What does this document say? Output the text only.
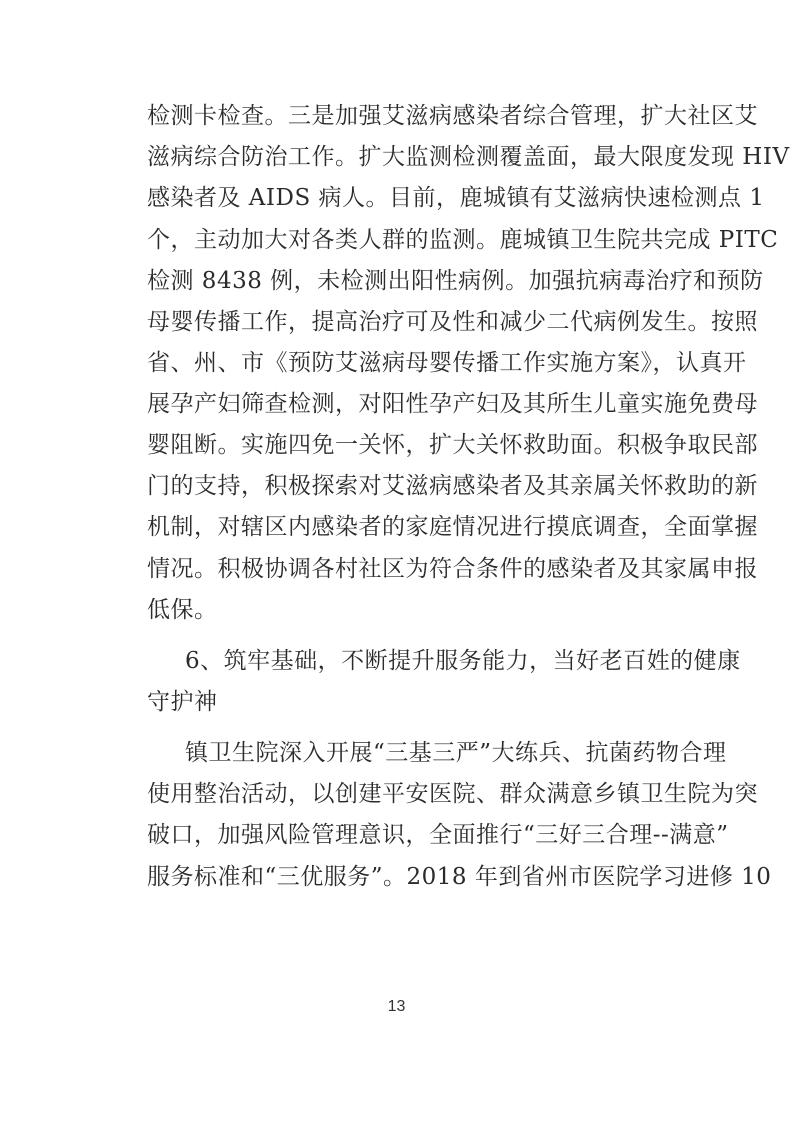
检测卡检查。三是加强艾滋病感染者综合管理，扩大社区艾
滋病综合防治工作。扩大监测检测覆盖面，最大限度发现 HIV
感染者及 AIDS 病人。目前，鹿城镇有艾滋病快速检测点 1
个，主动加大对各类人群的监测。鹿城镇卫生院共完成 PITC
检测 8438 例，未检测出阳性病例。加强抗病毒治疗和预防
母婴传播工作，提高治疗可及性和减少二代病例发生。按照
省、州、市《预防艾滋病母婴传播工作实施方案》，认真开
展孕产妇筛查检测，对阳性孕产妇及其所生儿童实施免费母
婴阻断。实施四免一关怀，扩大关怀救助面。积极争取民部
门的支持，积极探索对艾滋病感染者及其亲属关怀救助的新
机制，对辖区内感染者的家庭情况进行摸底调查，全面掌握
情况。积极协调各村社区为符合条件的感染者及其家属申报
低保。
6、筑牢基础，不断提升服务能力，当好老百姓的健康
守护神
镇卫生院深入开展“三基三严”大练兵、抗菌药物合理
使用整治活动，以创建平安医院、群众满意乡镇卫生院为突
破口，加强风险管理意识，全面推行“三好三合理--满意”
服务标准和“三优服务”。2018 年到省州市医院学习进修 10
13
